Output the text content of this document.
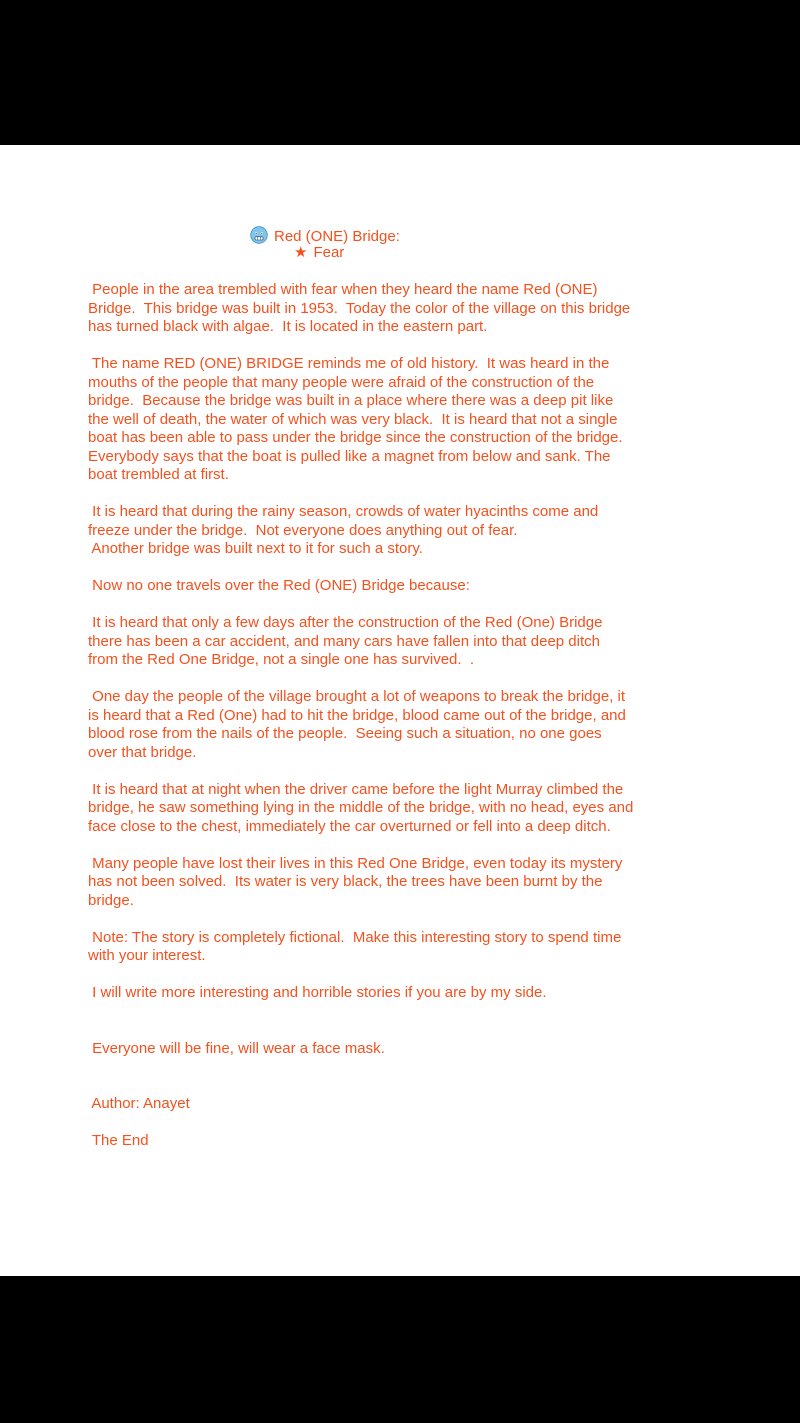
Red (ONE) Bridge:
★ Fear

People in the area trembled with fear when they heard the name Red (ONE)

Bridge.  This bridge was built in 1953.  Today the color of the village on this bridge

has turned black with algae.  It is located in the eastern part.

The name RED (ONE) BRIDGE reminds me of old history.  It was heard in the

mouths of the people that many people were afraid of the construction of the

bridge.  Because the bridge was built in a place where there was a deep pit like

the well of death, the water of which was very black.  It is heard that not a single

boat has been able to pass under the bridge since the construction of the bridge.

Everybody says that the boat is pulled like a magnet from below and sank. The

boat trembled at first.

It is heard that during the rainy season, crowds of water hyacinths come and

freeze under the bridge.  Not everyone does anything out of fear.

Another bridge was built next to it for such a story.

Now no one travels over the Red (ONE) Bridge because:

It is heard that only a few days after the construction of the Red (One) Bridge

there has been a car accident, and many cars have fallen into that deep ditch

from the Red One Bridge, not a single one has survived.  .

One day the people of the village brought a lot of weapons to break the bridge, it

is heard that a Red (One) had to hit the bridge, blood came out of the bridge, and

blood rose from the nails of the people.  Seeing such a situation, no one goes

over that bridge.

It is heard that at night when the driver came before the light Murray climbed the

bridge, he saw something lying in the middle of the bridge, with no head, eyes and

face close to the chest, immediately the car overturned or fell into a deep ditch.

Many people have lost their lives in this Red One Bridge, even today its mystery

has not been solved.  Its water is very black, the trees have been burnt by the

bridge.

Note: The story is completely fictional.  Make this interesting story to spend time

with your interest.

I will write more interesting and horrible stories if you are by my side.

Everyone will be fine, will wear a face mask.

Author: Anayet

The End
